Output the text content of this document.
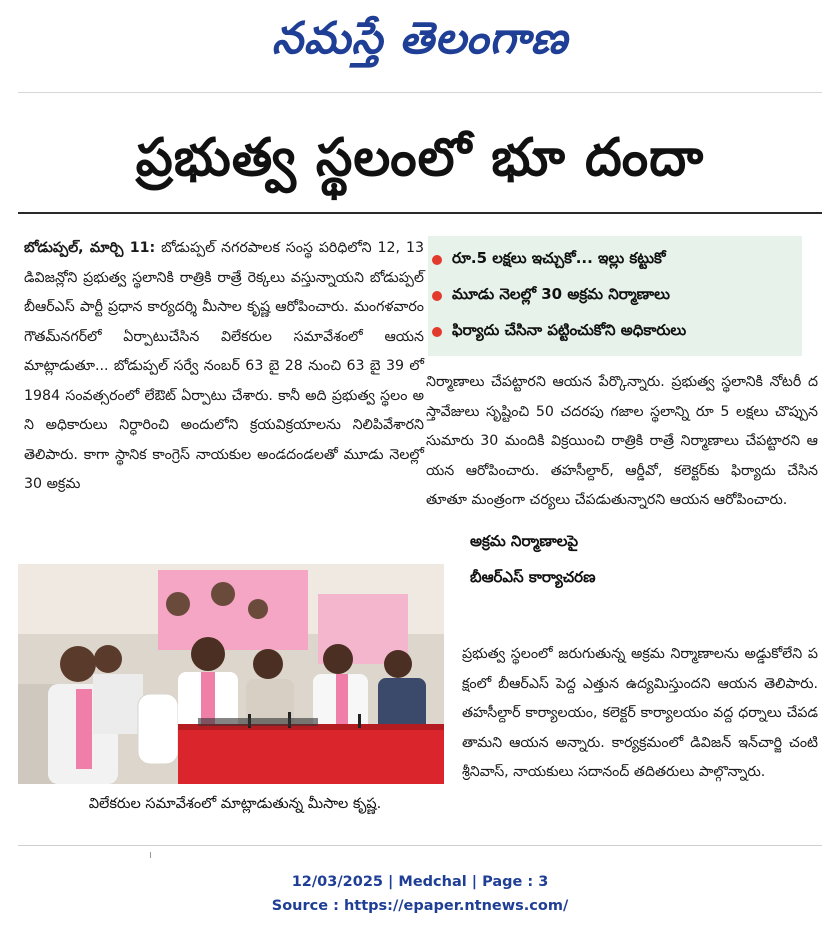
నమస్తే తెలంగాణ
ప్రభుత్వ స్థలంలో భూ దందా

బోడుప్పల్, మార్చి 11: బోడుప్పల్ నగరపాలక సంస్థ పరిధిలోని 12, 13 డివిజన్లోని ప్రభుత్వ స్థలానికి రాత్రికి రాత్రే రెక్కలు వస్తున్నాయని బోడుప్పల్ బీఆర్ఎస్ పార్టీ ప్రధాన కార్యదర్శి మీసాల కృష్ణ ఆరోపించారు. మంగళవారం గౌతమ్‌నగర్‌లో ఏర్పాటుచేసిన విలేకరుల సమావేశంలో ఆయన మాట్లాడుతూ... బోడుప్పల్ సర్వే నంబర్ 63 బై 28 నుంచి 63 బై 39 లో 1984 సంవత్సరంలో లేఔట్ ఏర్పాటు చేశారు. కానీ అది ప్రభుత్వ స్థలం అని అధికారులు నిర్ధారించి అందులోని క్రయవిక్రయాలను నిలిపివేశారని తెలిపారు. కాగా స్థానిక కాంగ్రెస్ నాయకుల అండదండలతో మూడు నెలల్లో 30 అక్రమ

రూ.5 లక్షలు ఇచ్చుకో... ఇల్లు కట్టుకో
మూడు నెలల్లో 30 అక్రమ నిర్మాణాలు
ఫిర్యాదు చేసినా పట్టించుకోని అధికారులు

నిర్మాణాలు చేపట్టారని ఆయన పేర్కొన్నారు. ప్రభుత్వ స్థలానికి నోటరీ దస్తావేజులు సృష్టించి 50 చదరపు గజాల స్థలాన్ని రూ 5 లక్షలు చొప్పున సుమారు 30 మందికి విక్రయించి రాత్రికి రాత్రే నిర్మాణాలు చేపట్టారని ఆయన ఆరోపించారు. తహసీల్దార్, ఆర్డీవో, కలెక్టర్‌కు ఫిర్యాదు చేసిన తూతూ మంత్రంగా చర్యలు చేపడుతున్నారని ఆయన ఆరోపించారు.

అక్రమ నిర్మాణాలపై
బీఆర్ఎస్ కార్యాచరణ

ప్రభుత్వ స్థలంలో జరుగుతున్న అక్రమ నిర్మాణాలను అడ్డుకోలేని పక్షంలో బీఆర్ఎస్ పెద్ద ఎత్తున ఉద్యమిస్తుందని ఆయన తెలిపారు. తహసీల్దార్ కార్యాలయం, కలెక్టర్ కార్యాలయం వద్ద ధర్నాలు చేపడతామని ఆయన అన్నారు. కార్యక్రమంలో డివిజన్ ఇన్‌చార్జి చంటి శ్రీనివాస్, నాయకులు సదానంద్ తదితరులు పాల్గొన్నారు.

విలేకరుల సమావేశంలో మాట్లాడుతున్న మీసాల కృష్ణ.
12/03/2025 | Medchal | Page : 3
Source : https://epaper.ntnews.com/
